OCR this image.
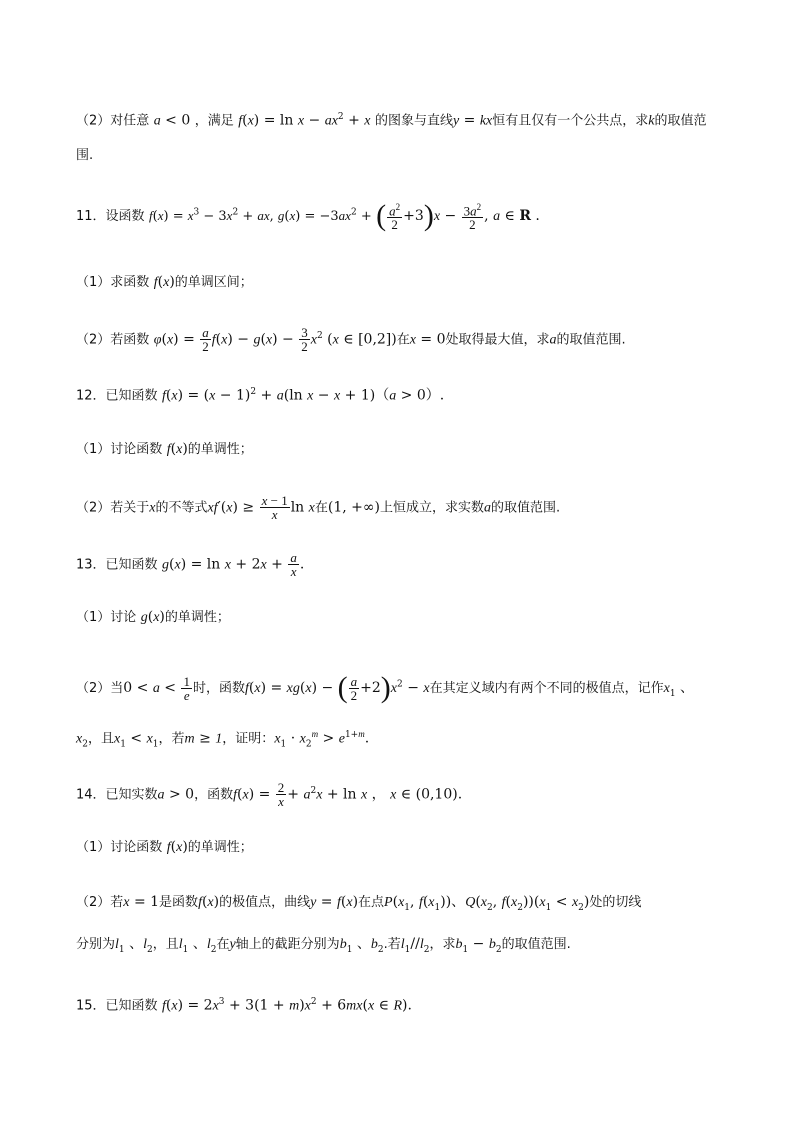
（2）对任意 a < 0 ，满足 $f(x) = \ln x - ax^2 + x$ 的图象与直线y = kx恒有且仅有一个公共点，求k的取值范
围.
11．设函数 $f(x) = x^3 - 3x^2$ + ax, $g(x) = -3ax^2$ + ( $\frac{a^2}{2} +3)x - \frac{3a^2}{2}$ , a ∈ R .
（1）求函数 f(x)的单调区间；
（2）若函数 $\varphi(x) = \frac{a}{2} f(x) - g(x) - \frac{3}{2} x^2$ (x ∈ [0,2])在x = 0处取得最大值，求a的取值范围.
12．已知函数 $f(x) = (x - 1)^2 + a(\ln$ x − x + 1)（a > 0）.
（1）讨论函数 f(x)的单调性；
（2）若关于x的不等式$xf'(x) \ge \frac{x - 1}{x}$ ln x在(1, +∞)上恒成立，求实数a的取值范围.
13．已知函数 $g(x) = \ln x + 2x + \frac{a}{x}$ .
（1）讨论 g(x)的单调性；
（2）当$0 < a < \frac{1}{e}$ 时，函数f(x) = xg(x) − ( $\frac{a}{2} +2)x^2 - x$在其定义域内有两个不同的极值点，记作$x_1$ 、
$x_2$，且$x_1 < x_1$，若m ≥ 1，证明：$x_1 \cdot x_2^m > e^{1+m}$.
14．已知实数a > 0，函数$f(x) = \frac{2}{x} + a^2x + \ln x$ ， x ∈ (0,10).
（1）讨论函数 f(x)的单调性；
（2）若x = 1是函数f(x)的极值点，曲线y = f(x)在点$P(x_1$, $f(x_1)$)、$Q(x_2$, $f(x_2))(x_1 < x_2)$处的切线
分别为$l_1$ 、$l_2$，且$l_1$ 、$l_2$在y轴上的截距分别为$b_1$ 、$b_2$.若$l_1//l_2$，求$b_1 - b_2$的取值范围.
15．已知函数 $f(x) = 2x^3 + 3(1 + m)x^2 + 6mx(x$ ∈ R).
